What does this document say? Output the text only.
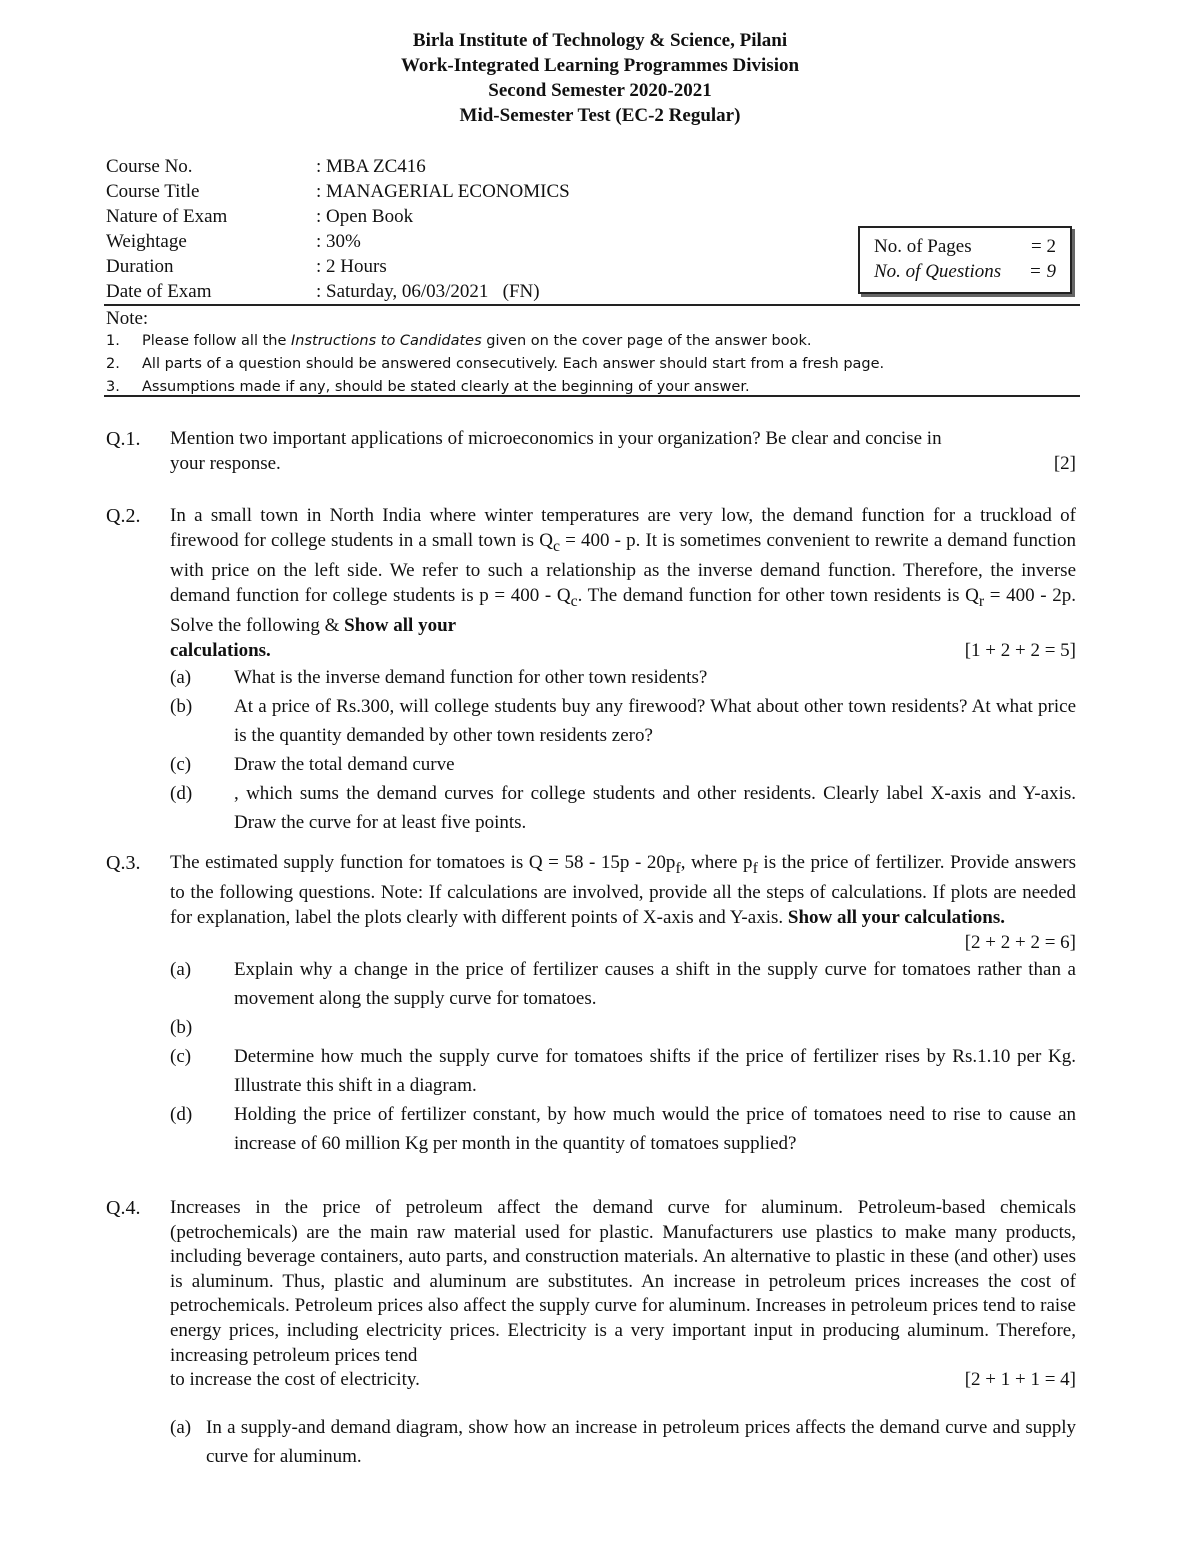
Birla Institute of Technology & Science, Pilani
Work-Integrated Learning Programmes Division
Second Semester 2020-2021
Mid-Semester Test (EC-2 Regular)
Course No.	: MBA ZC416
Course Title	: MANAGERIAL ECONOMICS
Nature of Exam	: Open Book
Weightage	: 30%
Duration	: 2 Hours
Date of Exam	: Saturday, 06/03/2021   (FN)
No. of Pages	= 2
No. of Questions = 9
Note:
1.	Please follow all the Instructions to Candidates given on the cover page of the answer book.
2.	All parts of a question should be answered consecutively. Each answer should start from a fresh page.
3.	Assumptions made if any, should be stated clearly at the beginning of your answer.
Q.1.	Mention two important applications of microeconomics in your organization? Be clear and concise in
your response.	[2]
Q.2.	In a small town in North India where winter temperatures are very low, the demand function for a truckload of firewood for college students in a small town is $Q_c = 400 - p$. It is sometimes convenient to rewrite a demand function with price on the left side. We refer to such a relationship as the inverse demand function. Therefore, the inverse demand function for college students is $p = 400 - Q_c$. The demand function for other town residents is $Q_r = 400 - 2p$. Solve the following & Show all your
calculations.	[1 + 2 + 2 = 5]
(a)	What is the inverse demand function for other town residents?
(b)	At a price of Rs.300, will college students buy any firewood? What about other town residents? At what price is the quantity demanded by other town residents zero?
(c)	Draw the total demand curve
(d)	, which sums the demand curves for college students and other residents. Clearly label X-axis and Y-axis. Draw the curve for at least five points.
Q.3.	The estimated supply function for tomatoes is $Q = 58 - 15p - 20p_f$, where $p_f$ is the price of fertilizer. Provide answers to the following questions. Note: If calculations are involved, provide all the steps of calculations. If plots are needed for explanation, label the plots clearly with different points of X-axis and Y-axis. Show all your calculations.
[2 + 2 + 2 = 6]
(a)	Explain why a change in the price of fertilizer causes a shift in the supply curve for tomatoes rather than a movement along the supply curve for tomatoes.
(b)
(c)	Determine how much the supply curve for tomatoes shifts if the price of fertilizer rises by Rs.1.10 per Kg. Illustrate this shift in a diagram.
(d)	Holding the price of fertilizer constant, by how much would the price of tomatoes need to rise to cause an increase of 60 million Kg per month in the quantity of tomatoes supplied?
Q.4.	Increases in the price of petroleum affect the demand curve for aluminum. Petroleum-based chemicals (petrochemicals) are the main raw material used for plastic. Manufacturers use plastics to make many products, including beverage containers, auto parts, and construction materials. An alternative to plastic in these (and other) uses is aluminum. Thus, plastic and aluminum are substitutes. An increase in petroleum prices increases the cost of petrochemicals. Petroleum prices also affect the supply curve for aluminum. Increases in petroleum prices tend to raise energy prices, including electricity prices. Electricity is a very important input in producing aluminum. Therefore, increasing petroleum prices tend
to increase the cost of electricity.	[2 + 1 + 1 = 4]
(a) In a supply-and demand diagram, show how an increase in petroleum prices affects the demand curve and supply curve for aluminum.
